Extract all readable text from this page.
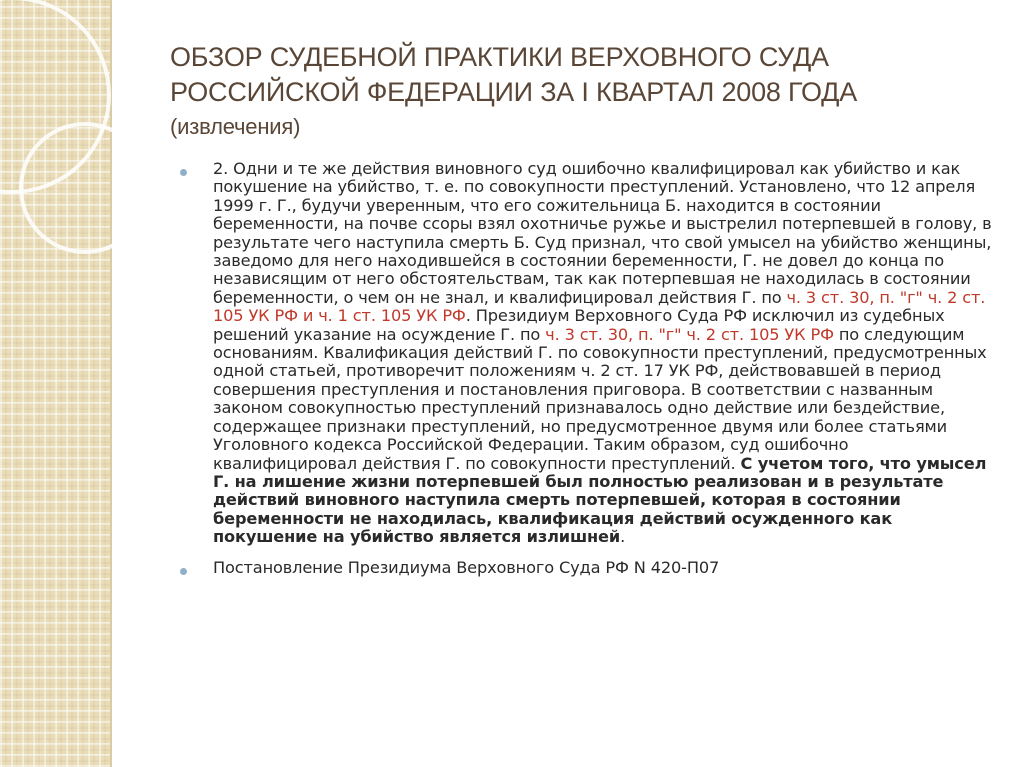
ОБЗОР СУДЕБНОЙ ПРАКТИКИ ВЕРХОВНОГО СУДА
РОССИЙСКОЙ ФЕДЕРАЦИИ ЗА I КВАРТАЛ 2008 ГОДА
(извлечения)

2. Одни и те же действия виновного суд ошибочно квалифицировал как убийство и как покушение на убийство, т. е. по совокупности преступлений. Установлено, что 12 апреля 1999 г. Г., будучи уверенным, что его сожительница Б. находится в состоянии беременности, на почве ссоры взял охотничье ружье и выстрелил потерпевшей в голову, в результате чего наступила смерть Б. Суд признал, что свой умысел на убийство женщины, заведомо для него находившейся в состоянии беременности, Г. не довел до конца по независящим от него обстоятельствам, так как потерпевшая не находилась в состоянии беременности, о чем он не знал, и квалифицировал действия Г. по ч. 3 ст. 30, п. "г" ч. 2 ст. 105 УК РФ и ч. 1 ст. 105 УК РФ. Президиум Верховного Суда РФ исключил из судебных решений указание на осуждение Г. по ч. 3 ст. 30, п. "г" ч. 2 ст. 105 УК РФ по следующим основаниям. Квалификация действий Г. по совокупности преступлений, предусмотренных одной статьей, противоречит положениям ч. 2 ст. 17 УК РФ, действовавшей в период совершения преступления и постановления приговора. В соответствии с названным законом совокупностью преступлений признавалось одно действие или бездействие, содержащее признаки преступлений, но предусмотренное двумя или более статьями Уголовного кодекса Российской Федерации. Таким образом, суд ошибочно квалифицировал действия Г. по совокупности преступлений. С учетом того, что умысел Г. на лишение жизни потерпевшей был полностью реализован и в результате действий виновного наступила смерть потерпевшей, которая в состоянии беременности не находилась, квалификация действий осужденного как покушение на убийство является излишней.

Постановление Президиума Верховного Суда РФ N 420-П07
